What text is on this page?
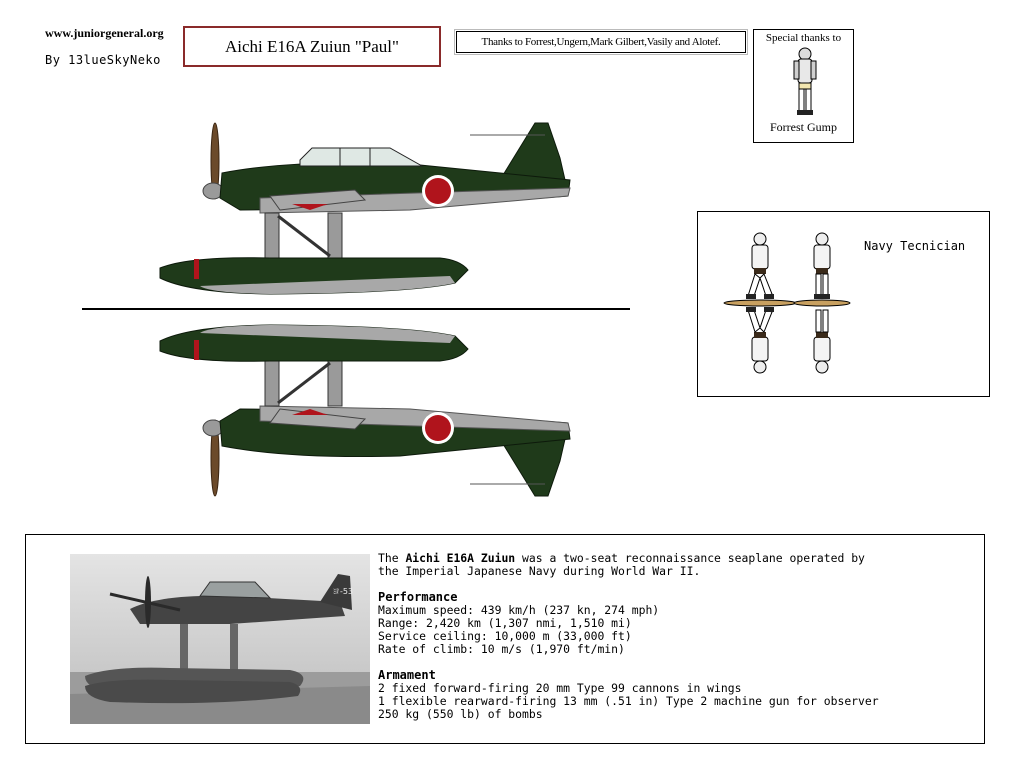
www.juniorgeneral.org
By 13lueSkyNeko
Aichi E16A Zuiun "Paul"	Thanks to Forrest,Ungern,Mark Gilbert,Vasily and Alotef.	Special thanks to
Forrest Gump
Navy Tecnician
ヨ-53
The Aichi E16A Zuiun was a two-seat reconnaissance seaplane operated by
the Imperial Japanese Navy during World War II.

Performance
Maximum speed: 439 km/h (237 kn, 274 mph)
Range: 2,420 km (1,307 nmi, 1,510 mi)
Service ceiling: 10,000 m (33,000 ft)
Rate of climb: 10 m/s (1,970 ft/min)

Armament
2 fixed forward-firing 20 mm Type 99 cannons in wings
1 flexible rearward-firing 13 mm (.51 in) Type 2 machine gun for observer
250 kg (550 lb) of bombs
